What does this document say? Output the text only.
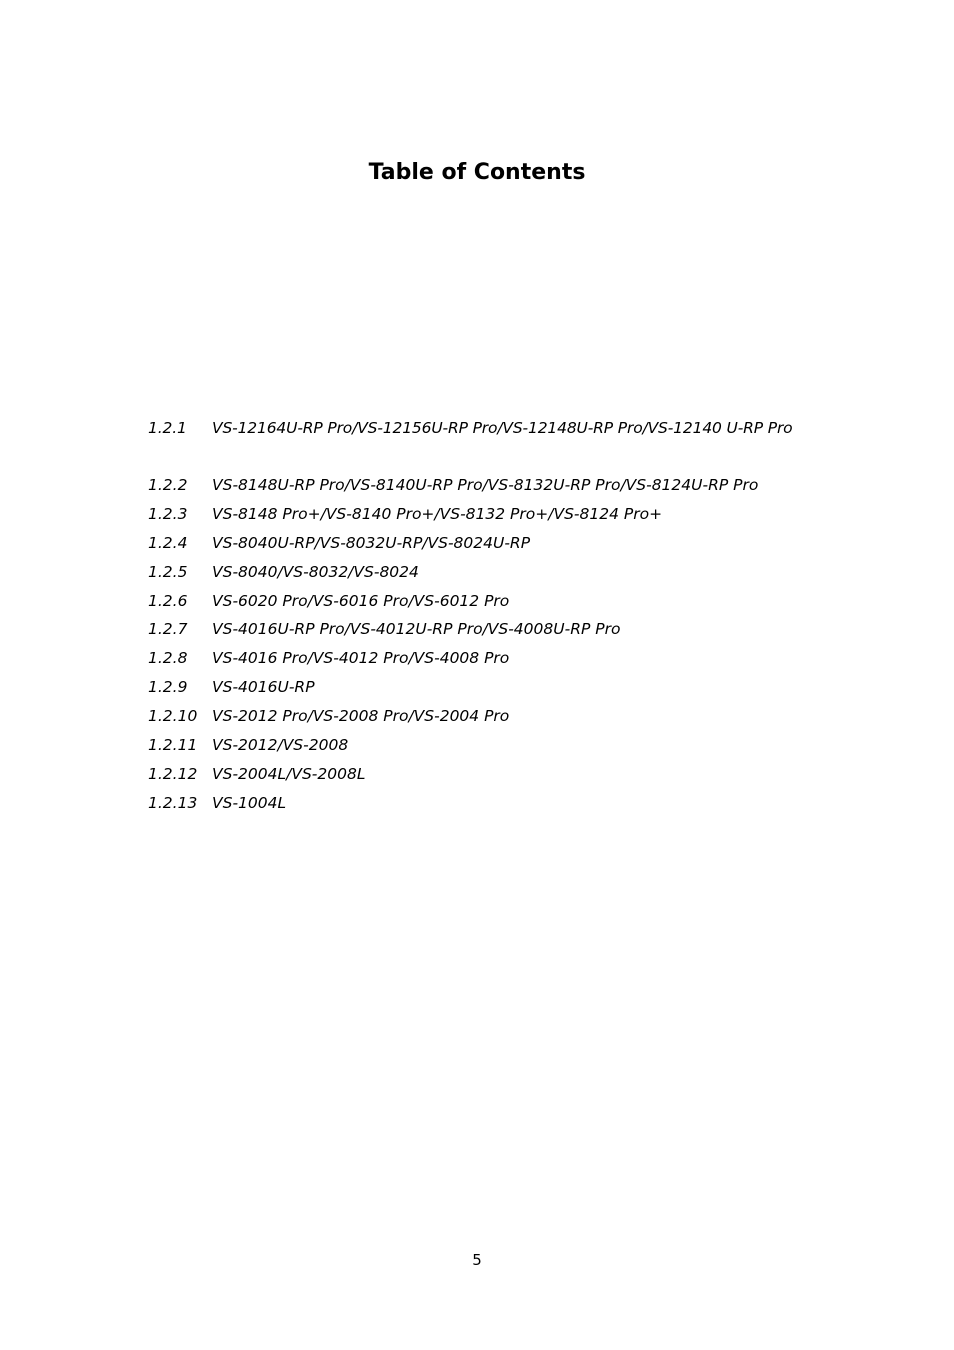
Table of Contents
1.2.1	VS-12164U-RP Pro/VS-12156U-RP Pro/VS-12148U-RP Pro/VS-12140 U-RP Pro
1.2.2	VS-8148U-RP Pro/VS-8140U-RP Pro/VS-8132U-RP Pro/VS-8124U-RP Pro
1.2.3	VS-8148 Pro+/VS-8140 Pro+/VS-8132 Pro+/VS-8124 Pro+
1.2.4	VS-8040U-RP/VS-8032U-RP/VS-8024U-RP
1.2.5	VS-8040/VS-8032/VS-8024
1.2.6	VS-6020 Pro/VS-6016 Pro/VS-6012 Pro
1.2.7	VS-4016U-RP Pro/VS-4012U-RP Pro/VS-4008U-RP Pro
1.2.8	VS-4016 Pro/VS-4012 Pro/VS-4008 Pro
1.2.9	VS-4016U-RP
1.2.10 VS-2012 Pro/VS-2008 Pro/VS-2004 Pro
1.2.11 VS-2012/VS-2008
1.2.12 VS-2004L/VS-2008L
1.2.13 VS-1004L
5
